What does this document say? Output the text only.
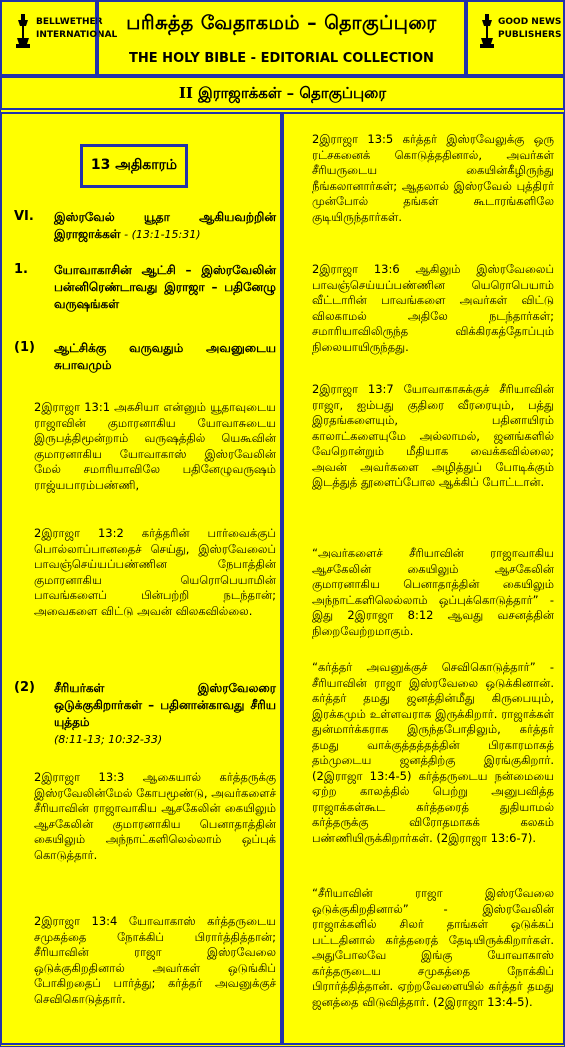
BELLWETHER
INTERNATIONAL
பரிசுத்த வேதாகமம் – தொகுப்புரை
THE HOLY BIBLE - EDITORIAL COLLECTION
GOOD NEWS
PUBLISHERS
II இராஜாக்கள் – தொகுப்புரை
13 அதிகாரம்
VI. இஸ்ரவேல் யூதா ஆகியவற்றின் இராஜாக்கள் - (13:1-15:31)
1. யோவாகாசின் ஆட்சி – இஸ்ரவேலின் பன்னிரெண்டாவது இராஜா – பதினேழு வருஷங்கள்
(1) ஆட்சிக்கு வருவதும் அவனுடைய சுபாவமும்
2இராஜா 13:1 அகசியா என்னும் யூதாவுடைய ராஜாவின் குமாரனாகிய யோவாசுடைய இருபத்திமூன்றாம் வருஷத்தில் யெகூவின் குமாரனாகிய யோவாகாஸ் இஸ்ரவேலின் மேல் சமாரியாவிலே பதினேழுவருஷம் ராஜ்யபாரம்பண்ணி,
2இராஜா 13:2 கர்த்தரின் பார்வைக்குப் பொல்லாப்பானதைச் செய்து, இஸ்ரவேலைப் பாவஞ்செய்யப்பண்ணின நேபாத்தின் குமாரனாகிய யெரொபெயாமின் பாவங்களைப் பின்பற்றி நடந்தான்; அவைகளை விட்டு அவன் விலகவில்லை.
(2) சீரியர்கள் இஸ்ரவேலரை ஒடுக்குகிறார்கள் – பதினான்காவது சீரிய யுத்தம்
(8:11-13; 10:32-33)
2இராஜா 13:3 ஆகையால் கர்த்தருக்கு இஸ்ரவேலின்மேல் கோபமூண்டு, அவர்களைச் சீரியாவின் ராஜாவாகிய ஆசகேலின் கையிலும் ஆசகேலின் குமாரனாகிய பெனாதாத்தின் கையிலும் அந்நாட்களிலெல்லாம் ஒப்புக் கொடுத்தார்.
2இராஜா 13:4 யோவாகாஸ் கர்த்தருடைய சமுகத்தை நோக்கிப் பிரார்த்தித்தான்; சீரியாவின் ராஜா இஸ்ரவேலை ஒடுக்குகிறதினால் அவர்கள் ஒடுங்கிப் போகிறதைப் பார்த்து; கர்த்தர் அவனுக்குச் செவிகொடுத்தார்.
2இராஜா 13:5 கர்த்தர் இஸ்ரவேலுக்கு ஒரு ரட்சகனைக் கொடுத்ததினால், அவர்கள் சீரியருடைய கையின்கீழிருந்து நீங்கலானார்கள்; ஆதலால் இஸ்ரவேல் புத்திரர் முன்போல் தங்கள் கூடாரங்களிலே குடியிருந்தார்கள்.
2இராஜா 13:6 ஆகிலும் இஸ்ரவேலைப் பாவஞ்செய்யப்பண்ணின யெரொபெயாம் வீட்டாரின் பாவங்களை அவர்கள் விட்டு விலகாமல் அதிலே நடந்தார்கள்; சமாரியாவிலிருந்த விக்கிரகத்தோப்பும் நிலையாயிருந்தது.
2இராஜா 13:7 யோவாகாசுக்குச் சீரியாவின் ராஜா, ஐம்பது குதிரை வீரரையும், பத்து இரதங்களையும், பதினாயிரம் காலாட்களையுமே அல்லாமல், ஜனங்களில் வேறொன்றும் மீதியாக வைக்கவில்லை; அவன் அவர்களை அழித்துப் போடிக்கும் இடத்துத் தூளைப்போல ஆக்கிப் போட்டான்.
“அவர்களைச் சீரியாவின் ராஜாவாகிய ஆசகேலின் கையிலும் ஆசகேலின் குமாரனாகிய பெனாதாத்தின் கையிலும் அந்நாட்களிலெல்லாம் ஒப்புக்கொடுத்தார்” - இது 2இராஜா 8:12 ஆவது வசனத்தின் நிறைவேற்றமாகும்.
“கர்த்தர் அவனுக்குச் செவிகொடுத்தார்” - சீரியாவின் ராஜா இஸ்ரவேலை ஒடுக்கினான். கர்த்தர் தமது ஜனத்தின்மீது கிருபையும், இரக்கமும் உள்ளவராக இருக்கிறார். ராஜாக்கள் துன்மார்க்கராக இருந்தபோதிலும், கர்த்தர் தமது வாக்குத்தத்தத்தின் பிரகாரமாகத் தம்முடைய ஜனத்திற்கு இரங்குகிறார். (2இராஜா 13:4-5) கர்த்தருடைய நன்மையை ஏற்ற காலத்தில் பெற்று அனுபவித்த ராஜாக்கள்கூட கர்த்தரைத் துதியாமல் கர்த்தருக்கு விரோதமாகக் கலகம் பண்ணியிருக்கிறார்கள். (2இராஜா 13:6-7).
“சீரியாவின் ராஜா இஸ்ரவேலை ஒடுக்குகிறதினால்” - இஸ்ரவேலின் ராஜாக்களில் சிலர் தாங்கள் ஒடுக்கப் பட்டதினால் கர்த்தரைத் தேடியிருக்கிறார்கள். அதுபோலவே இங்கு யோவாகாஸ் கர்த்தருடைய சமுகத்தை நோக்கிப் பிரார்த்தித்தான். ஏற்றவேளையில் கர்த்தர் தமது ஜனத்தை விடுவித்தார். (2இராஜா 13:4-5).
